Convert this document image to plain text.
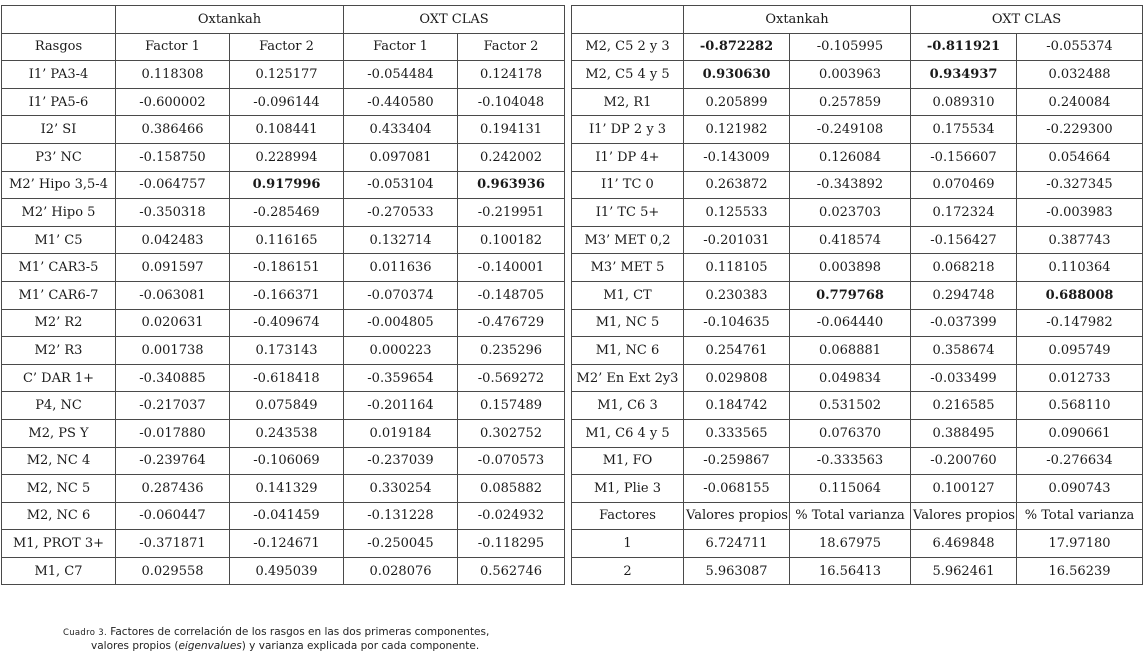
	Oxtankah		OXT CLAS	
Rasgos	Factor 1	Factor 2	Factor 1	Factor 2
I1’ PA3-4	0.118308	0.125177	-0.054484	0.124178
I1’ PA5-6	-0.600002	-0.096144	-0.440580	-0.104048
I2’ SI	0.386466	0.108441	0.433404	0.194131
P3’ NC	-0.158750	0.228994	0.097081	0.242002
M2’ Hipo 3,5-4	-0.064757	0.917996	-0.053104	0.963936
M2’ Hipo 5	-0.350318	-0.285469	-0.270533	-0.219951
M1’ C5	0.042483	0.116165	0.132714	0.100182
M1’ CAR3-5	0.091597	-0.186151	0.011636	-0.140001
M1’ CAR6-7	-0.063081	-0.166371	-0.070374	-0.148705
M2’ R2	0.020631	-0.409674	-0.004805	-0.476729
M2’ R3	0.001738	0.173143	0.000223	0.235296
C’ DAR 1+	-0.340885	-0.618418	-0.359654	-0.569272
P4, NC	-0.217037	0.075849	-0.201164	0.157489
M2, PS Y	-0.017880	0.243538	0.019184	0.302752
M2, NC 4	-0.239764	-0.106069	-0.237039	-0.070573
M2, NC 5	0.287436	0.141329	0.330254	0.085882
M2, NC 6	-0.060447	-0.041459	-0.131228	-0.024932
M1, PROT 3+	-0.371871	-0.124671	-0.250045	-0.118295
M1, C7	0.029558	0.495039	0.028076	0.562746
	Oxtankah		OXT CLAS	
M2, C5 2 y 3	-0.872282	-0.105995	-0.811921	-0.055374
M2, C5 4 y 5	0.930630	0.003963	0.934937	0.032488
M2, R1	0.205899	0.257859	0.089310	0.240084
I1’ DP 2 y 3	0.121982	-0.249108	0.175534	-0.229300
I1’ DP 4+	-0.143009	0.126084	-0.156607	0.054664
I1’ TC 0	0.263872	-0.343892	0.070469	-0.327345
I1’ TC 5+	0.125533	0.023703	0.172324	-0.003983
M3’ MET 0,2	-0.201031	0.418574	-0.156427	0.387743
M3’ MET 5	0.118105	0.003898	0.068218	0.110364
M1, CT	0.230383	0.779768	0.294748	0.688008
M1, NC 5	-0.104635	-0.064440	-0.037399	-0.147982
M1, NC 6	0.254761	0.068881	0.358674	0.095749
M2’ En Ext 2y3	0.029808	0.049834	-0.033499	0.012733
M1, C6 3	0.184742	0.531502	0.216585	0.568110
M1, C6 4 y 5	0.333565	0.076370	0.388495	0.090661
M1, FO	-0.259867	-0.333563	-0.200760	-0.276634
M1, Plie 3	-0.068155	0.115064	0.100127	0.090743
Factores	Valores propios	% Total varianza	Valores propios	% Total varianza
1	6.724711	18.67975	6.469848	17.97180
2	5.963087	16.56413	5.962461	16.56239
Cuadro 3. Factores de correlación de los rasgos en las dos primeras componentes,
valores propios (eigenvalues) y varianza explicada por cada componente.
